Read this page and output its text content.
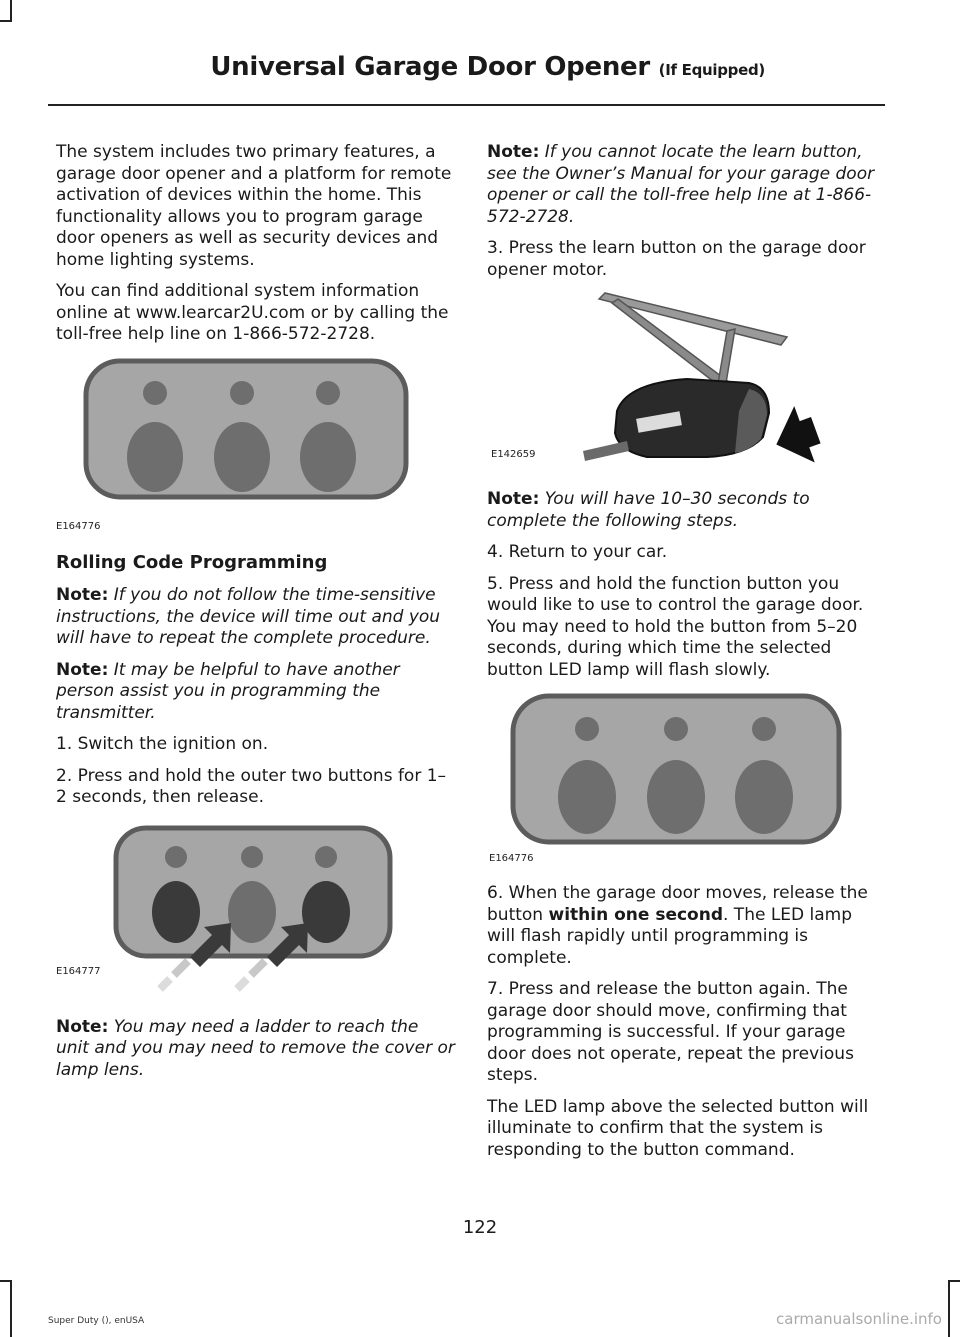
Universal Garage Door Opener (If Equipped)

The system includes two primary features, a garage door opener and a platform for remote activation of devices within the home. This functionality allows you to program garage door openers as well as security devices and home lighting systems.

You can find additional system information online at www.learcar2U.com or by calling the toll-free help line on 1-866-572-2728.

E164776
Rolling Code Programming

Note: If you do not follow the time-sensitive instructions, the device will time out and you will have to repeat the complete procedure.

Note: It may be helpful to have another person assist you in programming the transmitter.

1. Switch the ignition on.

2. Press and hold the outer two buttons for 1–2 seconds, then release.

E164777

Note: You may need a ladder to reach the unit and you may need to remove the cover or lamp lens.

Note: If you cannot locate the learn button, see the Owner’s Manual for your garage door opener or call the toll-free help line at 1-866-572-2728.

3. Press the learn button on the garage door opener motor.

E142659

Note: You will have 10–30 seconds to complete the following steps.

4. Return to your car.

5. Press and hold the function button you would like to use to control the garage door. You may need to hold the button from 5–20 seconds, during which time the selected button LED lamp will flash slowly.

E164776

6. When the garage door moves, release the button within one second. The LED lamp will flash rapidly until programming is complete.

7. Press and release the button again. The garage door should move, confirming that programming is successful. If your garage door does not operate, repeat the previous steps.

The LED lamp above the selected button will illuminate to confirm that the system is responding to the button command.

122
Super Duty (), enUSA	carmanualsonline.info
